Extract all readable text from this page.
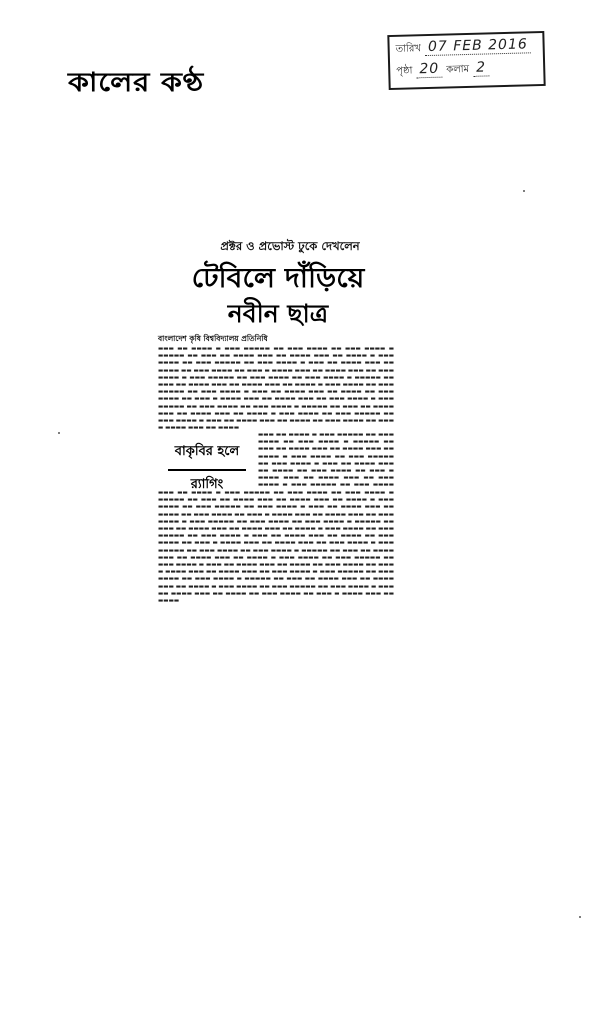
কালের কণ্ঠ
তারিখ 07 FEB 2016
পৃষ্ঠা 20 কলাম 2
প্রক্টর ও প্রভোস্ট ঢুকে দেখলেন
টেবিলে দাঁড়িয়ে
নবীন ছাত্র
বাংলাদেশ কৃষি বিশ্ববিদ্যালয় প্রতিনিধি
▬▬▬ ▬▬ ▬▬▬▬ ▬ ▬▬▬ ▬▬▬▬▬ ▬▬ ▬▬▬ ▬▬▬▬ ▬▬ ▬▬▬ ▬▬▬▬ ▬ ▬▬▬▬▬ ▬▬ ▬▬▬ ▬▬ ▬▬▬▬ ▬▬▬ ▬▬ ▬▬▬▬ ▬▬▬ ▬▬ ▬▬▬▬ ▬ ▬▬▬ ▬▬▬▬ ▬▬ ▬▬▬ ▬▬▬▬▬ ▬▬ ▬▬▬ ▬▬▬▬ ▬ ▬▬▬ ▬▬ ▬▬▬▬ ▬▬▬ ▬▬ ▬▬▬▬ ▬▬ ▬▬▬ ▬▬▬▬ ▬▬ ▬▬▬ ▬ ▬▬▬▬ ▬▬▬ ▬▬ ▬▬▬▬ ▬▬▬ ▬▬ ▬▬▬ ▬▬▬▬ ▬ ▬▬▬ ▬▬▬▬▬ ▬▬ ▬▬▬ ▬▬▬▬ ▬▬ ▬▬▬ ▬▬▬▬ ▬ ▬▬▬▬▬ ▬▬ ▬▬▬ ▬▬ ▬▬▬▬ ▬▬▬ ▬▬ ▬▬▬▬ ▬▬▬ ▬▬ ▬▬▬▬ ▬ ▬▬▬ ▬▬▬▬ ▬▬ ▬▬▬ ▬▬▬▬▬ ▬▬ ▬▬▬ ▬▬▬▬ ▬ ▬▬▬ ▬▬ ▬▬▬▬ ▬▬▬ ▬▬ ▬▬▬▬ ▬▬ ▬▬▬ ▬▬▬▬ ▬▬ ▬▬▬ ▬ ▬▬▬▬ ▬▬▬ ▬▬ ▬▬▬▬ ▬▬▬ ▬▬ ▬▬▬ ▬▬▬▬ ▬ ▬▬▬ ▬▬▬▬▬ ▬▬ ▬▬▬ ▬▬▬▬ ▬▬ ▬▬▬ ▬▬▬▬ ▬ ▬▬▬▬▬ ▬▬ ▬▬▬ ▬▬ ▬▬▬▬ ▬▬▬ ▬▬ ▬▬▬▬ ▬▬▬ ▬▬ ▬▬▬▬ ▬ ▬▬▬ ▬▬▬▬ ▬▬ ▬▬▬ ▬▬▬▬▬ ▬▬ ▬▬▬ ▬▬▬▬ ▬ ▬▬▬ ▬▬ ▬▬▬▬ ▬▬▬ ▬▬ ▬▬▬▬ ▬▬ ▬▬▬ ▬▬▬▬ ▬▬ ▬▬▬ ▬ ▬▬▬▬ ▬▬▬ ▬▬ ▬▬▬▬
বাকৃবির হলে
র‍্যাগিং
▬▬▬ ▬▬ ▬▬▬▬ ▬ ▬▬▬ ▬▬▬▬▬ ▬▬ ▬▬▬ ▬▬▬▬ ▬▬ ▬▬▬ ▬▬▬▬ ▬ ▬▬▬▬▬ ▬▬ ▬▬▬ ▬▬ ▬▬▬▬ ▬▬▬ ▬▬ ▬▬▬▬ ▬▬▬ ▬▬ ▬▬▬▬ ▬ ▬▬▬ ▬▬▬▬ ▬▬ ▬▬▬ ▬▬▬▬▬ ▬▬ ▬▬▬ ▬▬▬▬ ▬ ▬▬▬ ▬▬ ▬▬▬▬ ▬▬▬ ▬▬ ▬▬▬▬ ▬▬ ▬▬▬ ▬▬▬▬ ▬▬ ▬▬▬ ▬ ▬▬▬▬ ▬▬▬ ▬▬ ▬▬▬▬ ▬▬▬ ▬▬ ▬▬▬ ▬▬▬▬ ▬ ▬▬▬ ▬▬▬▬▬ ▬▬ ▬▬▬ ▬▬▬▬
▬▬▬ ▬▬ ▬▬▬▬ ▬ ▬▬▬ ▬▬▬▬▬ ▬▬ ▬▬▬ ▬▬▬▬ ▬▬ ▬▬▬ ▬▬▬▬ ▬ ▬▬▬▬▬ ▬▬ ▬▬▬ ▬▬ ▬▬▬▬ ▬▬▬ ▬▬ ▬▬▬▬ ▬▬▬ ▬▬ ▬▬▬▬ ▬ ▬▬▬ ▬▬▬▬ ▬▬ ▬▬▬ ▬▬▬▬▬ ▬▬ ▬▬▬ ▬▬▬▬ ▬ ▬▬▬ ▬▬ ▬▬▬▬ ▬▬▬ ▬▬ ▬▬▬▬ ▬▬ ▬▬▬ ▬▬▬▬ ▬▬ ▬▬▬ ▬ ▬▬▬▬ ▬▬▬ ▬▬ ▬▬▬▬ ▬▬▬ ▬▬ ▬▬▬ ▬▬▬▬ ▬ ▬▬▬ ▬▬▬▬▬ ▬▬ ▬▬▬ ▬▬▬▬ ▬▬ ▬▬▬ ▬▬▬▬ ▬ ▬▬▬▬▬ ▬▬ ▬▬▬ ▬▬ ▬▬▬▬ ▬▬▬ ▬▬ ▬▬▬▬ ▬▬▬ ▬▬ ▬▬▬▬ ▬ ▬▬▬ ▬▬▬▬ ▬▬ ▬▬▬ ▬▬▬▬▬ ▬▬ ▬▬▬ ▬▬▬▬ ▬ ▬▬▬ ▬▬ ▬▬▬▬ ▬▬▬ ▬▬ ▬▬▬▬ ▬▬ ▬▬▬ ▬▬▬▬ ▬▬ ▬▬▬ ▬ ▬▬▬▬ ▬▬▬ ▬▬ ▬▬▬▬ ▬▬▬ ▬▬ ▬▬▬ ▬▬▬▬ ▬ ▬▬▬ ▬▬▬▬▬ ▬▬ ▬▬▬ ▬▬▬▬ ▬▬ ▬▬▬ ▬▬▬▬ ▬ ▬▬▬▬▬ ▬▬ ▬▬▬ ▬▬ ▬▬▬▬ ▬▬▬ ▬▬ ▬▬▬▬ ▬▬▬ ▬▬ ▬▬▬▬ ▬ ▬▬▬ ▬▬▬▬ ▬▬ ▬▬▬ ▬▬▬▬▬ ▬▬ ▬▬▬ ▬▬▬▬ ▬ ▬▬▬ ▬▬ ▬▬▬▬ ▬▬▬ ▬▬ ▬▬▬▬ ▬▬ ▬▬▬ ▬▬▬▬ ▬▬ ▬▬▬ ▬ ▬▬▬▬ ▬▬▬ ▬▬ ▬▬▬▬ ▬▬▬ ▬▬ ▬▬▬ ▬▬▬▬ ▬ ▬▬▬ ▬▬▬▬▬ ▬▬ ▬▬▬ ▬▬▬▬ ▬▬ ▬▬▬ ▬▬▬▬ ▬ ▬▬▬▬▬ ▬▬ ▬▬▬ ▬▬ ▬▬▬▬ ▬▬▬ ▬▬ ▬▬▬▬ ▬▬▬ ▬▬ ▬▬▬▬ ▬ ▬▬▬ ▬▬▬▬ ▬▬ ▬▬▬ ▬▬▬▬▬ ▬▬ ▬▬▬ ▬▬▬▬ ▬ ▬▬▬ ▬▬ ▬▬▬▬ ▬▬▬ ▬▬ ▬▬▬▬ ▬▬ ▬▬▬ ▬▬▬▬ ▬▬ ▬▬▬ ▬ ▬▬▬▬ ▬▬▬ ▬▬ ▬▬▬▬
